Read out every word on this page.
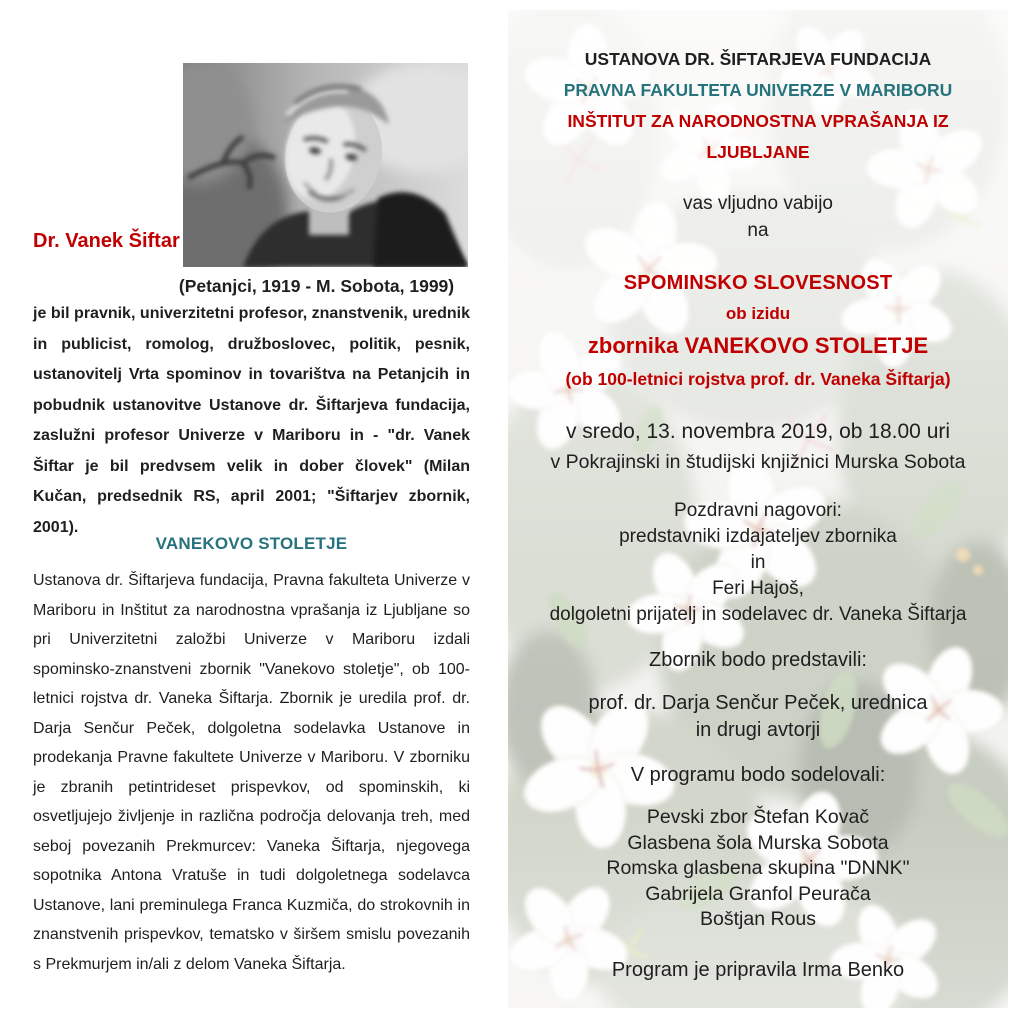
Dr. Vanek Šiftar
(Petanjci, 1919 - M. Sobota, 1999)
je bil pravnik, univerzitetni profesor, znanstvenik, urednik in publicist, romolog, družboslovec, politik, pesnik, ustanovitelj Vrta spominov in tovarištva na Petanjcih in pobudnik ustanovitve Ustanove dr. Šiftarjeva fundacija, zaslužni profesor Univerze v Mariboru in - "dr. Vanek Šiftar je bil predvsem velik in dober človek" (Milan Kučan, predsednik RS, april 2001; "Šiftarjev zbornik, 2001).
VANEKOVO STOLETJE
Ustanova dr. Šiftarjeva fundacija, Pravna fakulteta Univerze v Mariboru in Inštitut za narodnostna vprašanja iz Ljubljane so pri Univerzitetni založbi Univerze v Mariboru izdali spominsko-znanstveni zbornik "Vanekovo stoletje", ob 100-letnici rojstva dr. Vaneka Šiftarja. Zbornik je uredila prof. dr. Darja Senčur Peček, dolgoletna sodelavka Ustanove in prodekanja Pravne fakultete Univerze v Mariboru. V zborniku je zbranih petintrideset prispevkov, od spominskih, ki osvetljujejo življenje in različna področja delovanja treh, med seboj povezanih Prekmurcev: Vaneka Šiftarja, njegovega sopotnika Antona Vratuše in tudi dolgoletnega sodelavca Ustanove, lani preminulega Franca Kuzmiča, do strokovnih in znanstvenih prispevkov, tematsko v širšem smislu povezanih s Prekmurjem in/ali z delom Vaneka Šiftarja.
USTANOVA DR. ŠIFTARJEVA FUNDACIJA
PRAVNA FAKULTETA UNIVERZE V MARIBORU
INŠTITUT ZA NARODNOSTNA VPRAŠANJA IZ LJUBLJANE
vas vljudno vabijo
na
SPOMINSKO SLOVESNOST
ob izidu
zbornika VANEKOVO STOLETJE
(ob 100-letnici rojstva prof. dr. Vaneka Šiftarja)
v sredo, 13. novembra 2019, ob 18.00 uri
v Pokrajinski in študijski knjižnici Murska Sobota
Pozdravni nagovori:
predstavniki izdajateljev zbornika
in
Feri Hajoš,
dolgoletni prijatelj in sodelavec dr. Vaneka Šiftarja
Zbornik bodo predstavili:
prof. dr. Darja Senčur Peček, urednica
in drugi avtorji
V programu bodo sodelovali:
Pevski zbor Štefan Kovač
Glasbena šola Murska Sobota
Romska glasbena skupina "DNNK"
Gabrijela Granfol Peurača
Boštjan Rous
Program je pripravila Irma Benko
